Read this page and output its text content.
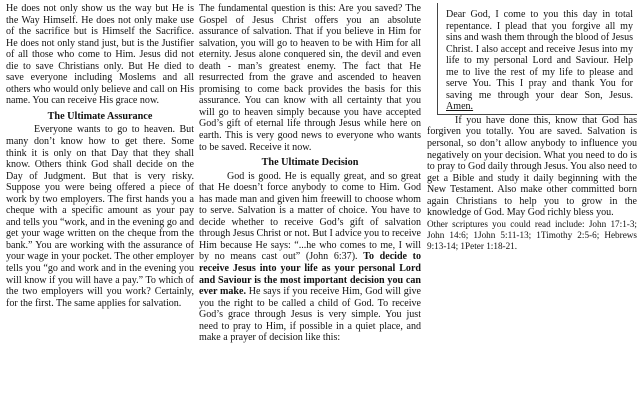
He does not only show us the way but He is the Way Himself. He does not only make use of the sacrifice but is Himself the Sacrifice. He does not only stand just, but is the Justifier of all those who come to Him. Jesus did not die to save Christians only. But He died to save everyone including Moslems and all others who would only believe and call on His name. You can receive His grace now.

The Ultimate Assurance

Everyone wants to go to heaven. But many don’t know how to get there. Some think it is only on that Day that they shall know. Others think God shall decide on the Day of Judgment. But that is very risky. Suppose you were being offered a piece of work by two employers. The first hands you a cheque with a specific amount as your pay and tells you “work, and in the evening go and get your wage written on the cheque from the bank.” You are working with the assurance of your wage in your pocket. The other employer tells you “go and work and in the evening you will know if you will have a pay.” To which of the two employers will you work? Certainly, for the first. The same applies for salvation.

The fundamental question is this: Are you saved? The Gospel of Jesus Christ offers you an absolute assurance of salvation. That if you believe in Him for salvation, you will go to heaven to be with Him for all eternity. Jesus alone conquered sin, the devil and even death - man’s greatest enemy. The fact that He resurrected from the grave and ascended to heaven promising to come back provides the basis for this assurance. You can know with all certainty that you will go to heaven simply because you have accepted God’s gift of eternal life through Jesus while here on earth. This is very good news to everyone who wants to be saved. Receive it now.

The Ultimate Decision

God is good. He is equally great, and so great that He doesn’t force anybody to come to Him. God has made man and given him freewill to choose whom to serve. Salvation is a matter of choice. You have to decide whether to receive God’s gift of salvation through Jesus Christ or not. But I advice you to receive Him because He says: “...he who comes to me, I will by no means cast out” (John 6:37). To decide to receive Jesus into your life as your personal Lord and Saviour is the most important decision you can ever make. He says if you receive Him, God will give you the right to be called a child of God. To receive God’s grace through Jesus is very simple. You just need to pray to Him, if possible in a quiet place, and make a prayer of decision like this:

Dear God, I come to you this day in total repentance. I plead that you forgive all my sins and wash them through the blood of Jesus Christ. I also accept and receive Jesus into my life to my personal Lord and Saviour. Help me to live the rest of my life to please and serve You. This I pray and thank You for saving me through your dear Son, Jesus. Amen.

If you have done this, know that God has forgiven you totally. You are saved. Salvation is personal, so don’t allow anybody to influence you negatively on your decision. What you need to do is to pray to God daily through Jesus. You also need to get a Bible and study it daily beginning with the New Testament. Also make other committed born again Christians to help you to grow in the knowledge of God. May God richly bless you.

Other scriptures you could read include: John 17:1-3; John 14:6; 1John 5:11-13; 1Timothy 2:5-6; Hebrews 9:13-14; 1Peter 1:18-21.
